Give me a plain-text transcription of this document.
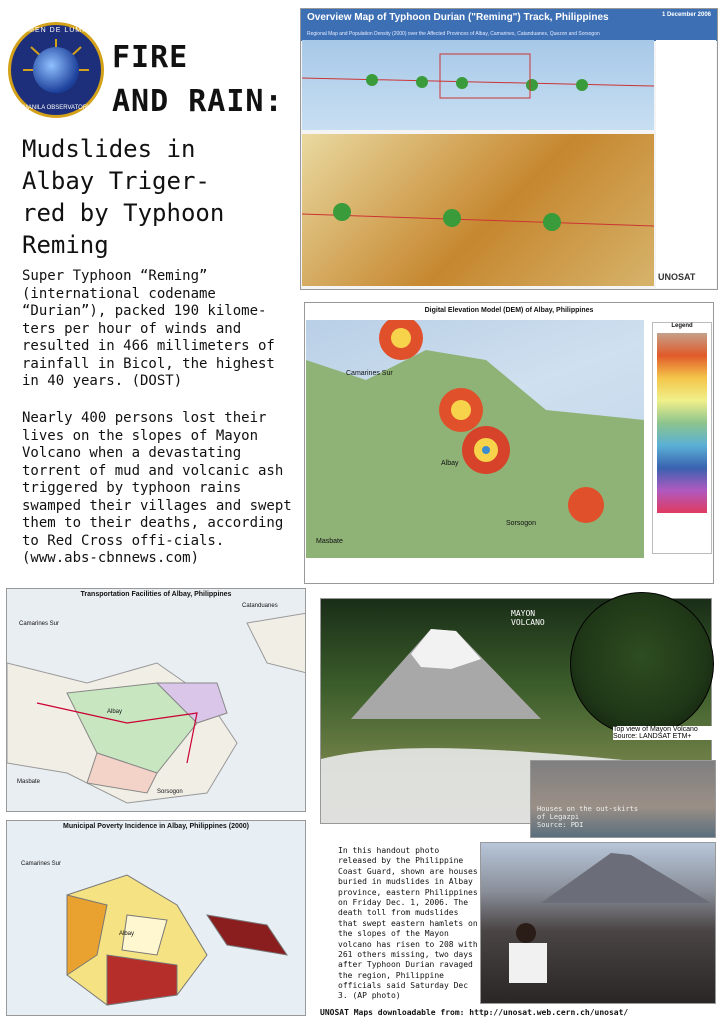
LUMEN DE LUMINE
MANILA OBSERVATORY
FIRE
AND RAIN:
Mudslides in
Albay Triger-
red by Typhoon
Reming
Super Typhoon “Reming” (international codename “Durian”), packed 190 kilome-ters per hour of winds and resulted in 466 millimeters of rainfall in Bicol, the highest in 40 years. (DOST)
Nearly 400 persons lost their lives on the slopes of Mayon Volcano when a devastating torrent of mud and volcanic ash triggered by typhoon rains swamped their villages and swept them to their deaths, according to Red Cross offi-cials. (www.abs-cbnnews.com)
Overview Map of Typhoon Durian ("Reming") Track, Philippines	1 December 2006
Regional Map and Population Density (2000) over the Affected Provinces of Albay, Camarines, Catanduanes, Quezon and Sorsogon
UNOSAT
Digital Elevation Model (DEM) of Albay, Philippines
Camarines Sur
Albay
Sorsogon
Masbate
Legend
Transportation Facilities of Albay, Philippines
Camarines Sur
Catanduanes
Albay
Masbate
Sorsogon
MAYON
VOLCANO
Top view of Mayon Volcano
Source: LANDSAT ETM+
Houses on the out-skirts of Legazpi
Source: PDI
Municipal Poverty Incidence in Albay, Philippines (2000)
Camarines Sur
Albay
In this handout photo released by the Philippine Coast Guard, shown are houses buried in mudslides in Albay province, eastern Philippines on Friday Dec. 1, 2006. The death toll from mudslides that swept eastern hamlets on the slopes of the Mayon volcano has risen to 208 with 261 others missing, two days after Typhoon Durian ravaged the region, Philippine officials said Saturday Dec 3. (AP photo)
UNOSAT Maps downloadable from: http://unosat.web.cern.ch/unosat/
